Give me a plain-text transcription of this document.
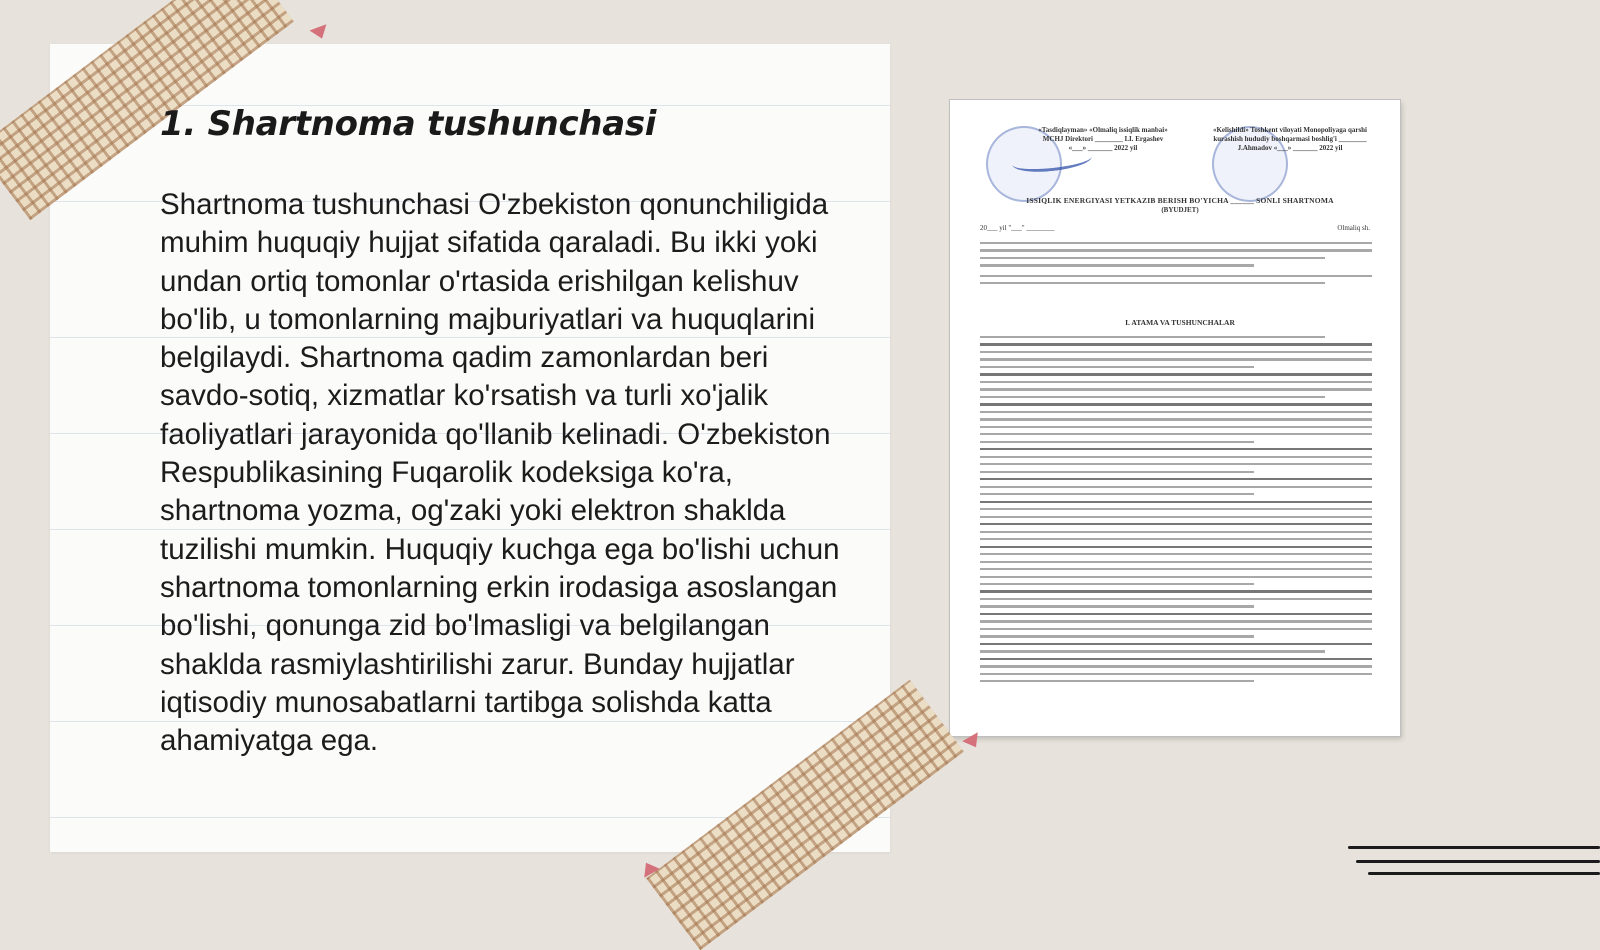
1. Shartnoma tushunchasi

Shartnoma tushunchasi O'zbekiston qonunchiligida muhim huquqiy hujjat sifatida qaraladi. Bu ikki yoki undan ortiq tomonlar o'rtasida erishilgan kelishuv bo'lib, u tomonlarning majburiyatlari va huquqlarini belgilaydi. Shartnoma qadim zamonlardan beri savdo-sotiq, xizmatlar ko'rsatish va turli xo'jalik faoliyatlari jarayonida qo'llanib kelinadi. O'zbekiston Respublikasining Fuqarolik kodeksiga ko'ra, shartnoma yozma, og'zaki yoki elektron shaklda tuzilishi mumkin. Huquqiy kuchga ega bo'lishi uchun shartnoma tomonlarning erkin irodasiga asoslangan bo'lishi, qonunga zid bo'lmasligi va belgilangan shaklda rasmiylashtirilishi zarur. Bunday hujjatlar iqtisodiy munosabatlarni tartibga solishda katta ahamiyatga ega.

«Tasdiqlayman» «Olmaliq issiqlik manbai» MCHJ Direktori ________ I.I. Ergashev «___» _______ 2022 yil
«Kelishildi» Toshkent viloyati Monopoliyaga qarshi kurashish hududiy boshqarmasi boshlig'i ________ J.Ahmadov «___» _______ 2022 yil
ISSIQLIK ENERGIYASI YETKAZIB BERISH BO'YICHA ______ SONLI SHARTNOMA
(BYUDJET)
20___ yil "___" ________	Olmaliq sh.
I. ATAMA VA TUSHUNCHALAR
